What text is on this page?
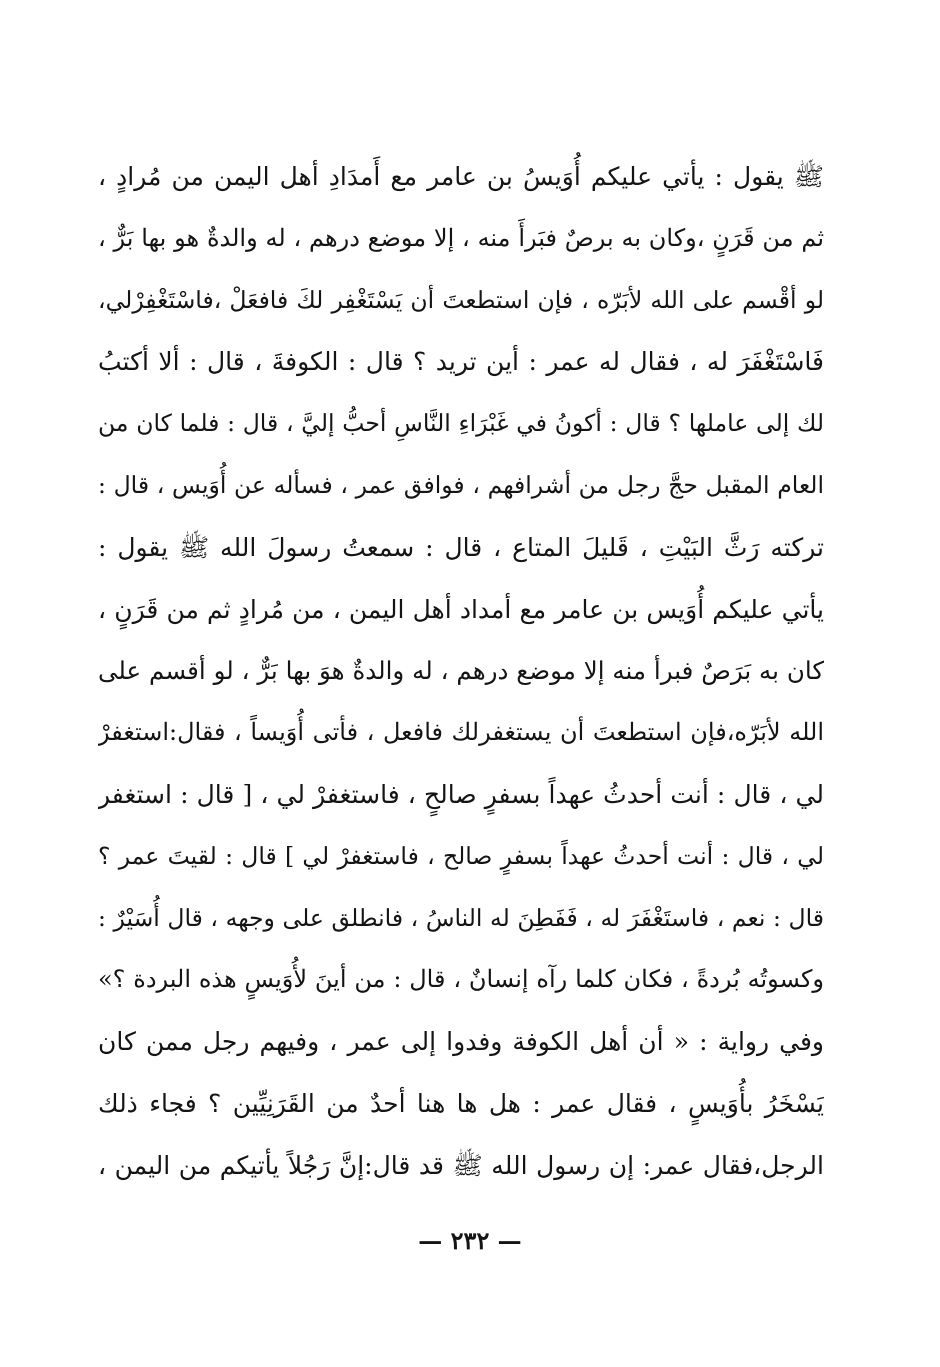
ﷺ يقول : يأتي عليكم أُوَيسُ بن عامر مع أَمدَادِ أهل اليمن من مُرادٍ ،
ثم من قَرَنٍ ،وكان به برصٌ فبَرأَ منه ، إلا موضع درهم ، له والدةٌ هو بها بَرٌّ ،
لو أقْسم على الله لأبَرّه ، فإن استطعتَ أن يَسْتَغْفِر لكَ فافعَلْ ،فاسْتَغْفِرْلي،
فَاسْتَغْفَرَ له ، فقال له عمر : أين تريد ؟ قال : الكوفةَ ، قال : ألا أكتبُ
لك إلى عاملها ؟ قال : أكونُ في غَبْرَاءِ النَّاسِ أحبُّ إليَّ ، قال : فلما كان من
العام المقبل حجَّ رجل من أشرافهم ، فوافق عمر ، فسأله عن أُوَيس ، قال :
تركته رَثَّ البَيْتِ ، قَليلَ المتاع ، قال : سمعتُ رسولَ الله ﷺ يقول :
يأتي عليكم أُوَيس بن عامر مع أمداد أهل اليمن ، من مُرادٍ ثم من قَرَنٍ ،
كان به بَرَصٌ فبرأ منه إلا موضع درهم ، له والدةٌ هوَ بها بَرٌّ ، لو أقسم على
الله لأبَرّه،فإن استطعتَ أن يستغفرلك فافعل ، فأتى أُوَيساً ، فقال:استغفرْ
لي ، قال : أنت أحدثُ عهداً بسفرٍ صالحٍ ، فاستغفرْ لي ، [ قال : استغفر
لي ، قال : أنت أحدثُ عهداً بسفرٍ صالح ، فاستغفرْ لي ] قال : لقيتَ عمر ؟
قال : نعم ، فاستَغْفَرَ له ، فَفَطِنَ له الناسُ ، فانطلق على وجهه ، قال أُسَيْرٌ :
وكسوتُه بُردةً ، فكان كلما رآه إنسانٌ ، قال : من أينَ لأُوَيسٍ هذه البردة ؟»
وفي رواية : « أن أهل الكوفة وفدوا إلى عمر ، وفيهم رجل ممن كان
يَسْخَرُ بأُوَيسٍ ، فقال عمر : هل ها هنا أحدٌ من القَرَنِيِّين ؟ فجاء ذلك
الرجل،فقال عمر: إن رسول الله ﷺ قد قال:إنَّ رَجُلاً يأتيكم من اليمن ،
— ٢٣٢ —
